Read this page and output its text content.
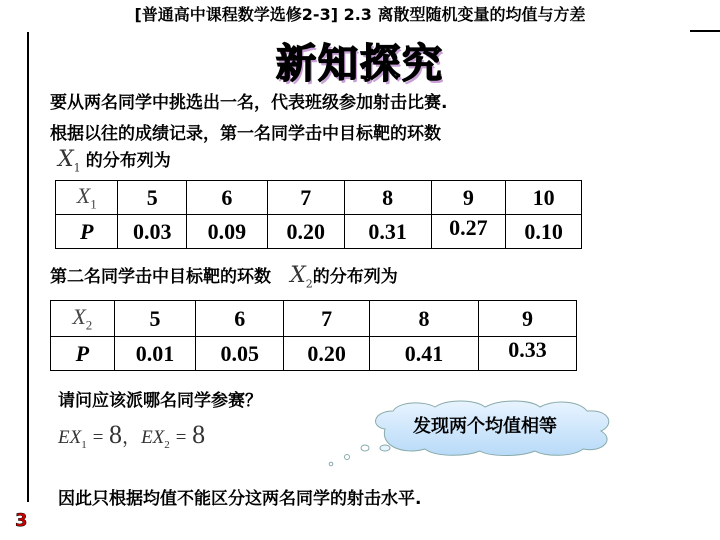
[普通高中课程数学选修2-3] 2.3 离散型随机变量的均值与方差
新知探究
要从两名同学中挑选出一名，代表班级参加射击比赛.
根据以往的成绩记录，第一名同学击中目标靶的环数
$X_1$ 的分布列为
$X_1$	5	6	7	8	9	10
P	0.03	0.09	0.20	0.31	0.27	0.10
第二名同学击中目标靶的环数 $X_2$的分布列为
$X_2$	5	6	7	8	9
P	0.01	0.05	0.20	0.41	0.33
请问应该派哪名同学参赛？
$EX_1 = 8$，$EX_2 = 8$	发现两个均值相等
因此只根据均值不能区分这两名同学的射击水平.
3
